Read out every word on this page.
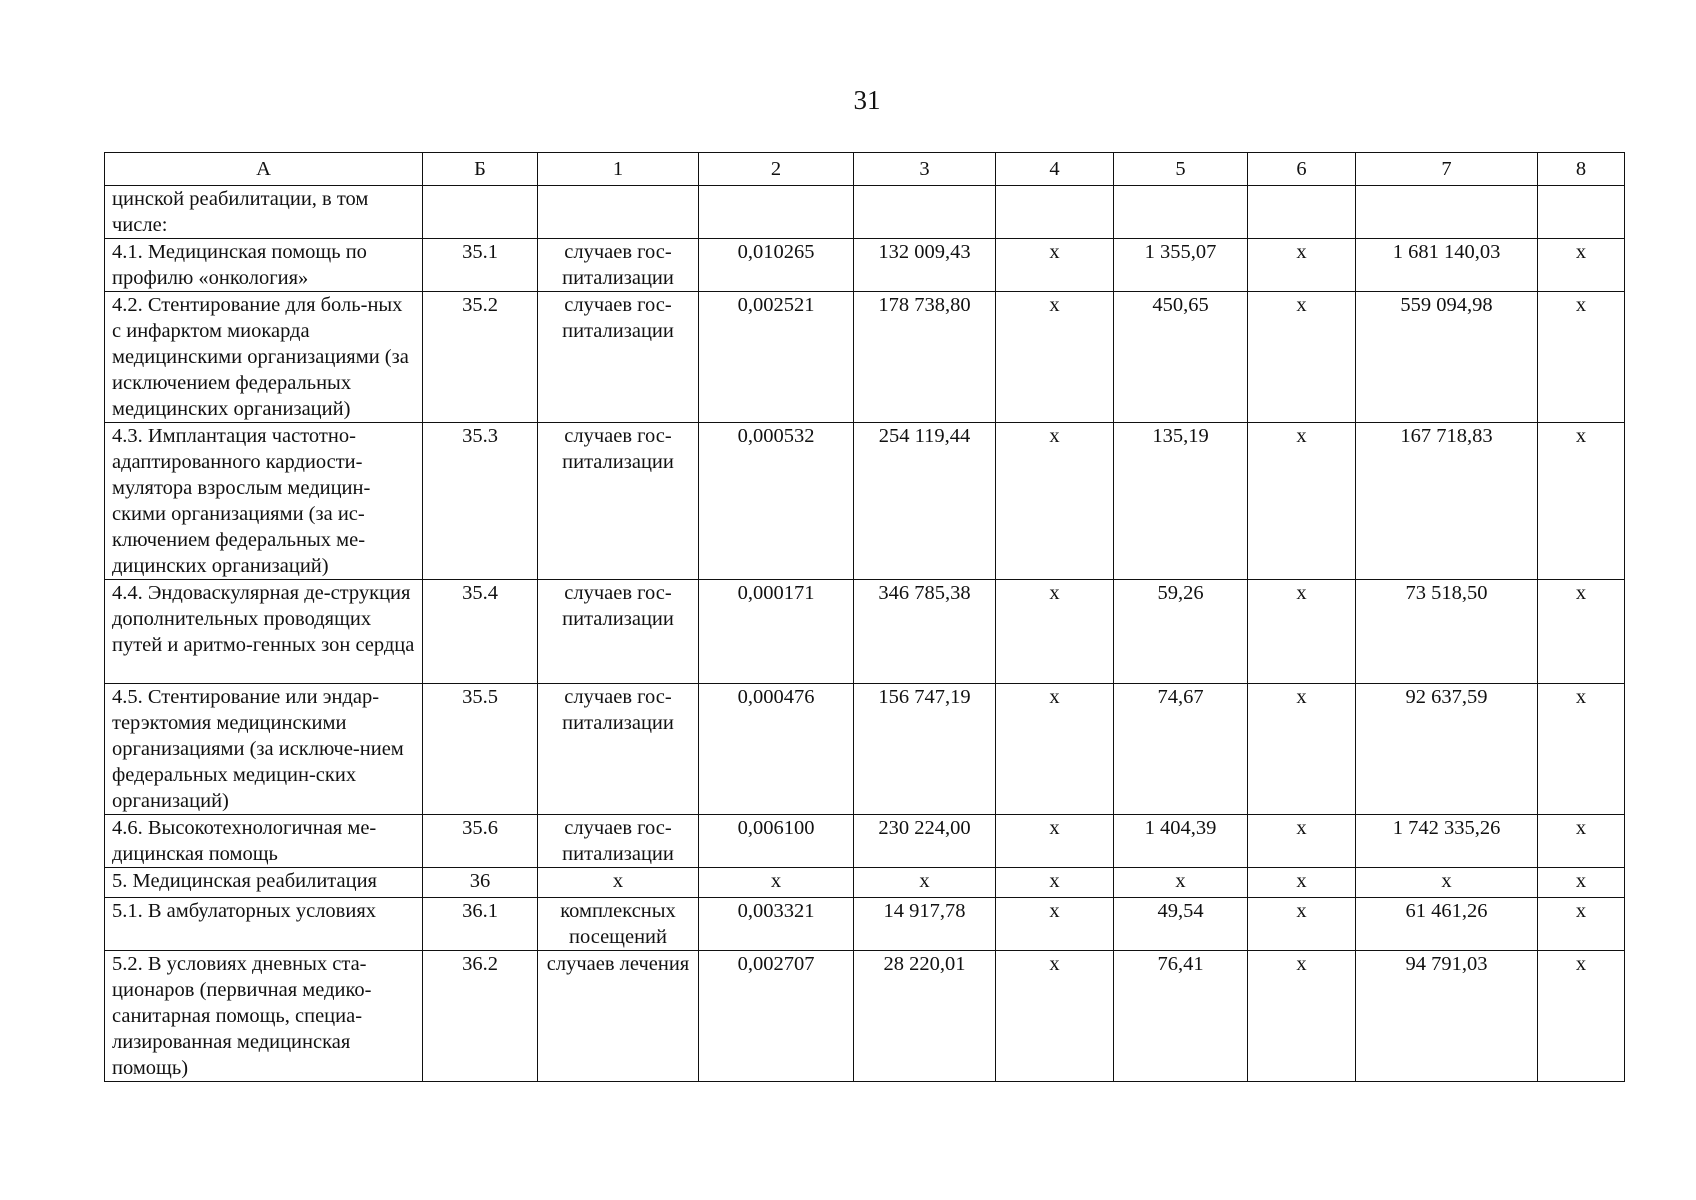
31
А	Б	1	2	3	4	5	6	7	8
цинской реабилитации, в том числе:									
4.1. Медицинская помощь по профилю «онкология»	35.1	случаев гос-питализации	0,010265	132 009,43	х	1 355,07	х	1 681 140,03	х
4.2. Стентирование для боль-ных с инфарктом миокарда медицинскими организациями (за исключением федеральных медицинских организаций)	35.2	случаев гос-питализации	0,002521	178 738,80	х	450,65	х	559 094,98	х
4.3. Имплантация частотно-адаптированного кардиости-мулятора взрослым медицин-скими организациями (за ис-ключением федеральных ме-дицинских организаций)	35.3	случаев гос-питализации	0,000532	254 119,44	х	135,19	х	167 718,83	х
4.4. Эндоваскулярная де-струкция дополнительных проводящих путей и аритмо-генных зон сердца	35.4	случаев гос-питализации	0,000171	346 785,38	х	59,26	х	73 518,50	х
4.5. Стентирование или эндар-терэктомия медицинскими организациями (за исключе-нием федеральных медицин-ских организаций)	35.5	случаев гос-питализации	0,000476	156 747,19	х	74,67	х	92 637,59	х
4.6. Высокотехнологичная ме-дицинская помощь	35.6	случаев гос-питализации	0,006100	230 224,00	х	1 404,39	х	1 742 335,26	х
5. Медицинская реабилитация	36	х	х	х	х	х	х	х	х
5.1. В амбулаторных условиях	36.1	комплексных посещений	0,003321	14 917,78	х	49,54	х	61 461,26	х
5.2. В условиях дневных ста-ционаров (первичная медико-санитарная помощь, специа-лизированная медицинская помощь)	36.2	случаев лечения	0,002707	28 220,01	х	76,41	х	94 791,03	х
